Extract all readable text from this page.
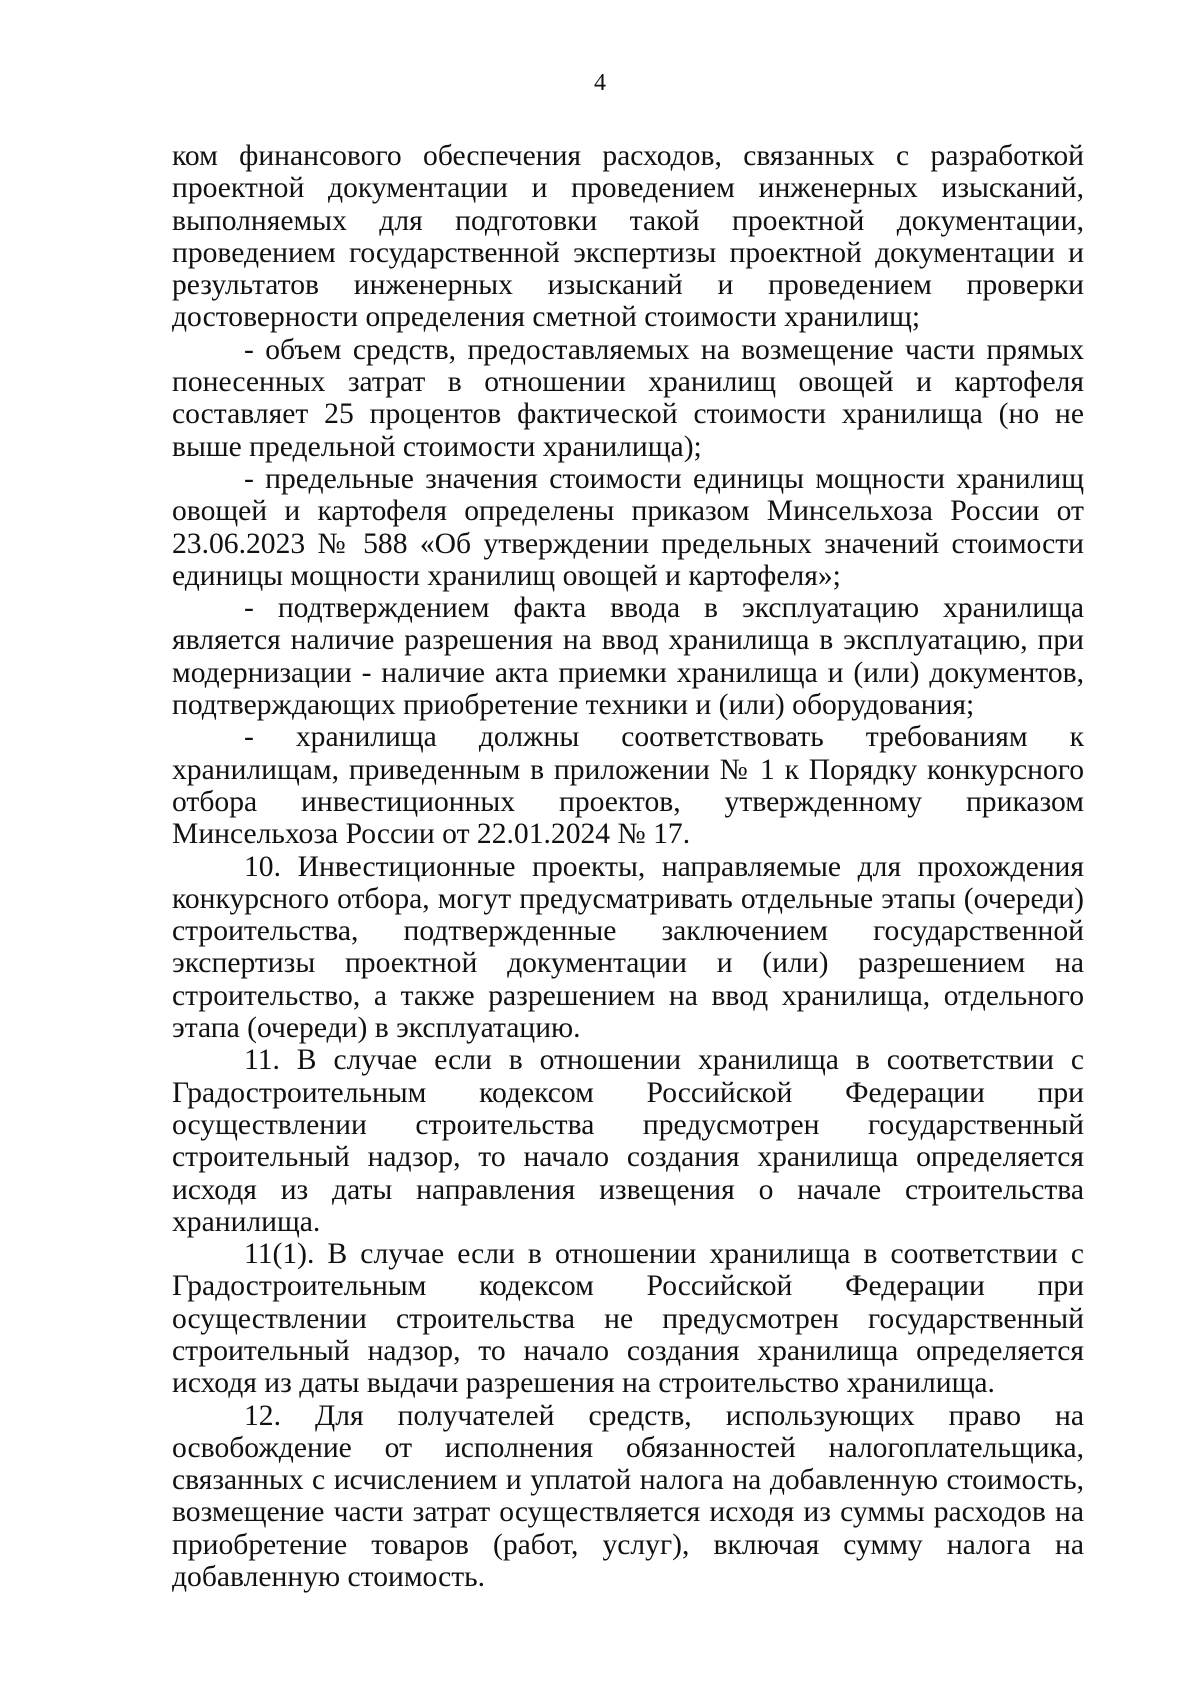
4

ком финансового обеспечения расходов, связанных с разработкой проектной документации и проведением инженерных изысканий, выполняемых для подготовки такой проектной документации, проведением государственной экспертизы проектной документации и результатов инженерных изысканий и проведением проверки достоверности определения сметной стоимости хранилищ;

- объем средств, предоставляемых на возмещение части прямых понесенных затрат в отношении хранилищ овощей и картофеля составляет 25 процентов фактической стоимости хранилища (но не выше предельной стоимости хранилища);

- предельные значения стоимости единицы мощности хранилищ овощей и картофеля определены приказом Минсельхоза России от 23.06.2023 № 588 «Об утверждении предельных значений стоимости единицы мощности хранилищ овощей и картофеля»;

- подтверждением факта ввода в эксплуатацию хранилища является наличие разрешения на ввод хранилища в эксплуатацию, при модернизации - наличие акта приемки хранилища и (или) документов, подтверждающих приобретение техники и (или) оборудования;

- хранилища должны соответствовать требованиям к хранилищам, приведенным в приложении № 1 к Порядку конкурсного отбора инвестиционных проектов, утвержденному приказом Минсельхоза России от 22.01.2024 № 17.

10. Инвестиционные проекты, направляемые для прохождения конкурсного отбора, могут предусматривать отдельные этапы (очереди) строительства, подтвержденные заключением государственной экспертизы проектной документации и (или) разрешением на строительство, а также разрешением на ввод хранилища, отдельного этапа (очереди) в эксплуатацию.

11. В случае если в отношении хранилища в соответствии с Градостроительным кодексом Российской Федерации при осуществлении строительства предусмотрен государственный строительный надзор, то начало создания хранилища определяется исходя из даты направления извещения о начале строительства хранилища.

11(1). В случае если в отношении хранилища в соответствии с Градостроительным кодексом Российской Федерации при осуществлении строительства не предусмотрен государственный строительный надзор, то начало создания хранилища определяется исходя из даты выдачи разрешения на строительство хранилища.

12. Для получателей средств, использующих право на освобождение от исполнения обязанностей налогоплательщика, связанных с исчислением и уплатой налога на добавленную стоимость, возмещение части затрат осуществляется исходя из суммы расходов на приобретение товаров (работ, услуг), включая сумму налога на добавленную стоимость.
